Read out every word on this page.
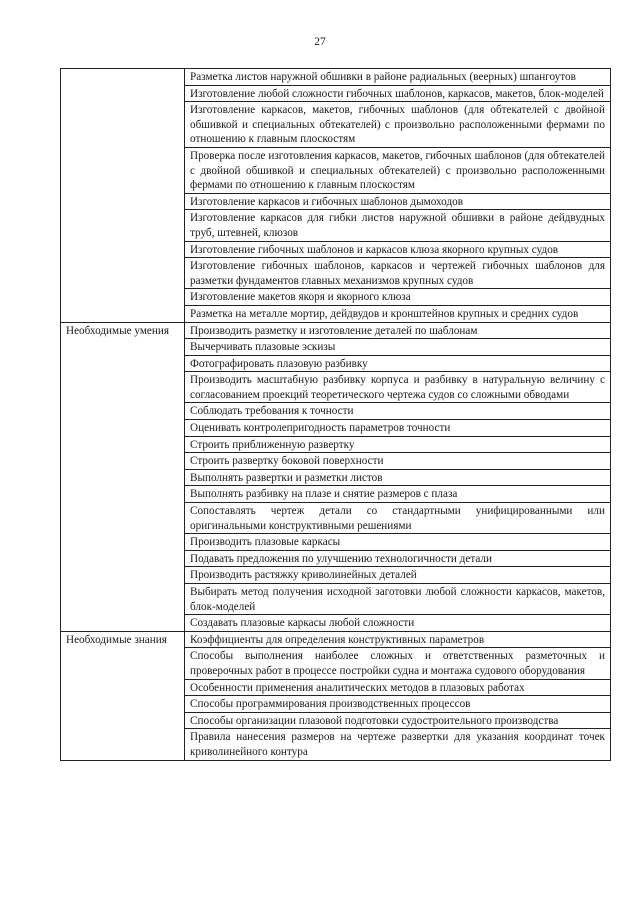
27
	Разметка листов наружной обшивки в районе радиальных (веерных) шпангоутов
	Изготовление любой сложности гибочных шаблонов, каркасов, макетов, блок-моделей
	Изготовление каркасов, макетов, гибочных шаблонов (для обтекателей с двойной обшивкой и специальных обтекателей) с произвольно расположенными фермами по отношению к главным плоскостям
	Проверка после изготовления каркасов, макетов, гибочных шаблонов (для обтекателей с двойной обшивкой и специальных обтекателей) с произвольно расположенными фермами по отношению к главным плоскостям
	Изготовление каркасов и гибочных шаблонов дымоходов
	Изготовление каркасов для гибки листов наружной обшивки в районе дейдвудных труб, штевней, клюзов
	Изготовление гибочных шаблонов и каркасов клюза якорного крупных судов
	Изготовление гибочных шаблонов, каркасов и чертежей гибочных шаблонов для разметки фундаментов главных механизмов крупных судов
	Изготовление макетов якоря и якорного клюза
	Разметка на металле мортир, дейдвудов и кронштейнов крупных и средних судов
Необходимые умения	Производить разметку и изготовление деталей по шаблонам
	Вычерчивать плазовые эскизы
	Фотографировать плазовую разбивку
	Производить масштабную разбивку корпуса и разбивку в натуральную величину с согласованием проекций теоретического чертежа судов со сложными обводами
	Соблюдать требования к точности
	Оценивать контролепригодность параметров точности
	Строить приближенную развертку
	Строить развертку боковой поверхности
	Выполнять развертки и разметки листов
	Выполнять разбивку на плазе и снятие размеров с плаза
	Сопоставлять чертеж детали со стандартными унифицированными или оригинальными конструктивными решениями
	Производить плазовые каркасы
	Подавать предложения по улучшению технологичности детали
	Производить растяжку криволинейных деталей
	Выбирать метод получения исходной заготовки любой сложности каркасов, макетов, блок-моделей
	Создавать плазовые каркасы любой сложности
Необходимые знания	Коэффициенты для определения конструктивных параметров
	Способы выполнения наиболее сложных и ответственных разметочных и проверочных работ в процессе постройки судна и монтажа судового оборудования
	Особенности применения аналитических методов в плазовых работах
	Способы программирования производственных процессов
	Способы организации плазовой подготовки судостроительного производства
	Правила нанесения размеров на чертеже развертки для указания координат точек криволинейного контура
